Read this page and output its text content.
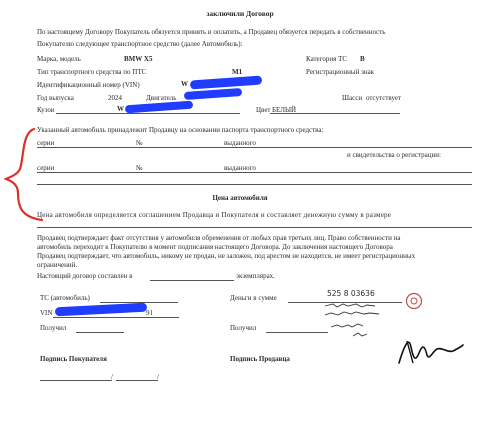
заключили Договор
По настоящему Договору Покупатель обязуется принять и оплатить, а Продавец обязуется передать в собственность
Покупателю следующее транспортное средство (далее Автомобиль):
Марка, модель	BMW X5	Категория ТС B
Тип транспортного средства по ПТС	M1	Регистрационный знак
Идентификационный номер (VIN)	W
Год выпуска	2024	Двигатель	Шасси отсутствует
Кузов	W	Цвет БЕЛЫЙ
Указанный автомобиль принадлежит Продавцу на основании паспорта транспортного средства:
серии	№	выданного
и свидетельства о регистрации:
серии	№	выданного
Цена автомобиля
Цена автомобиля определяется соглашением Продавца и Покупателя и составляет денежную сумму в размере
Продавец подтверждает факт отсутствия у автомобиля обременения от любых прав третьих лиц. Право собственности на
автомобиль переходит к Покупателю в момент подписания настоящего Договора. До заключения настоящего Договора
Продавец подтверждает, что автомобиль, никому не продан, не заложен, под арестом не находится, не имеет регистрационных
ограничений.
Настоящий договор составлен в	экземплярах.
ТС (автомобиль)	Деньги в сумме	525 8 03636
VIN	91
Получил	Получил
Подпись Покупателя	Подпись Продавца
/	/
